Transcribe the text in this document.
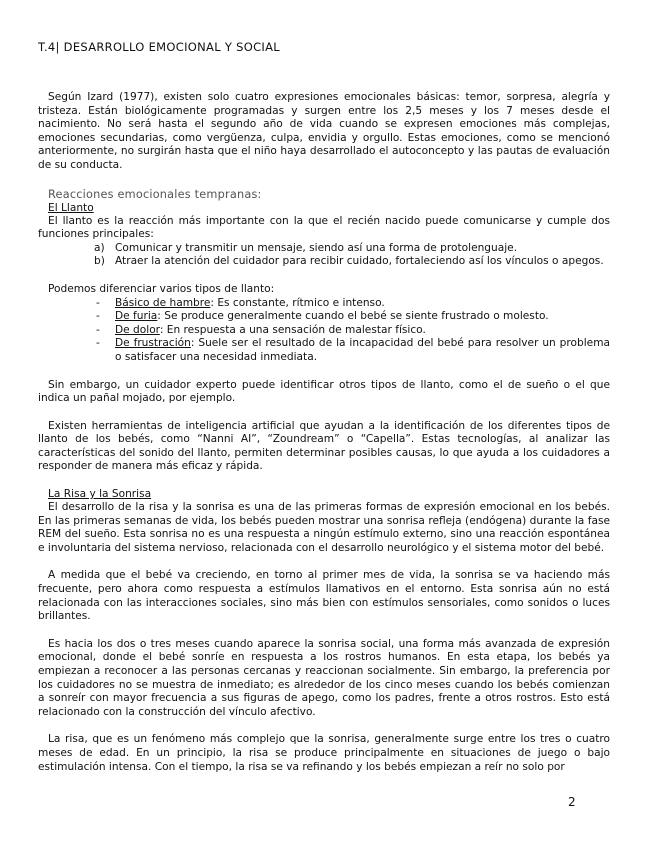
T.4| DESARROLLO EMOCIONAL Y SOCIAL

Según Izard (1977), existen solo cuatro expresiones emocionales básicas: temor, sorpresa, alegría y tristeza. Están biológicamente programadas y surgen entre los 2,5 meses y los 7 meses desde el nacimiento. No será hasta el segundo año de vida cuando se expresen emociones más complejas, emociones secundarias, como vergüenza, culpa, envidia y orgullo. Estas emociones, como se mencionó anteriormente, no surgirán hasta que el niño haya desarrollado el autoconcepto y las pautas de evaluación de su conducta.

Reacciones emocionales tempranas:
El Llanto

El llanto es la reacción más importante con la que el recién nacido puede comunicarse y cumple dos funciones principales:

a) Comunicar y transmitir un mensaje, siendo así una forma de protolenguaje.
b) Atraer la atención del cuidador para recibir cuidado, fortaleciendo así los vínculos o apegos.

Podemos diferenciar varios tipos de llanto:

- Básico de hambre: Es constante, rítmico e intenso.
- De furia: Se produce generalmente cuando el bebé se siente frustrado o molesto.
- De dolor: En respuesta a una sensación de malestar físico.
- De frustración: Suele ser el resultado de la incapacidad del bebé para resolver un problema o satisfacer una necesidad inmediata.

Sin embargo, un cuidador experto puede identificar otros tipos de llanto, como el de sueño o el que indica un pañal mojado, por ejemplo.

Existen herramientas de inteligencia artificial que ayudan a la identificación de los diferentes tipos de llanto de los bebés, como “Nanni AI”, “Zoundream” o “Capella”. Estas tecnologías, al analizar las características del sonido del llanto, permiten determinar posibles causas, lo que ayuda a los cuidadores a responder de manera más eficaz y rápida.

La Risa y la Sonrisa

El desarrollo de la risa y la sonrisa es una de las primeras formas de expresión emocional en los bebés. En las primeras semanas de vida, los bebés pueden mostrar una sonrisa refleja (endógena) durante la fase REM del sueño. Esta sonrisa no es una respuesta a ningún estímulo externo, sino una reacción espontánea e involuntaria del sistema nervioso, relacionada con el desarrollo neurológico y el sistema motor del bebé.

A medida que el bebé va creciendo, en torno al primer mes de vida, la sonrisa se va haciendo más frecuente, pero ahora como respuesta a estímulos llamativos en el entorno. Esta sonrisa aún no está relacionada con las interacciones sociales, sino más bien con estímulos sensoriales, como sonidos o luces brillantes.

Es hacia los dos o tres meses cuando aparece la sonrisa social, una forma más avanzada de expresión emocional, donde el bebé sonríe en respuesta a los rostros humanos. En esta etapa, los bebés ya empiezan a reconocer a las personas cercanas y reaccionan socialmente. Sin embargo, la preferencia por los cuidadores no se muestra de inmediato; es alrededor de los cinco meses cuando los bebés comienzan a sonreír con mayor frecuencia a sus figuras de apego, como los padres, frente a otros rostros. Esto está relacionado con la construcción del vínculo afectivo.

La risa, que es un fenómeno más complejo que la sonrisa, generalmente surge entre los tres o cuatro meses de edad. En un principio, la risa se produce principalmente en situaciones de juego o bajo estimulación intensa. Con el tiempo, la risa se va refinando y los bebés empiezan a reír no solo por

2
